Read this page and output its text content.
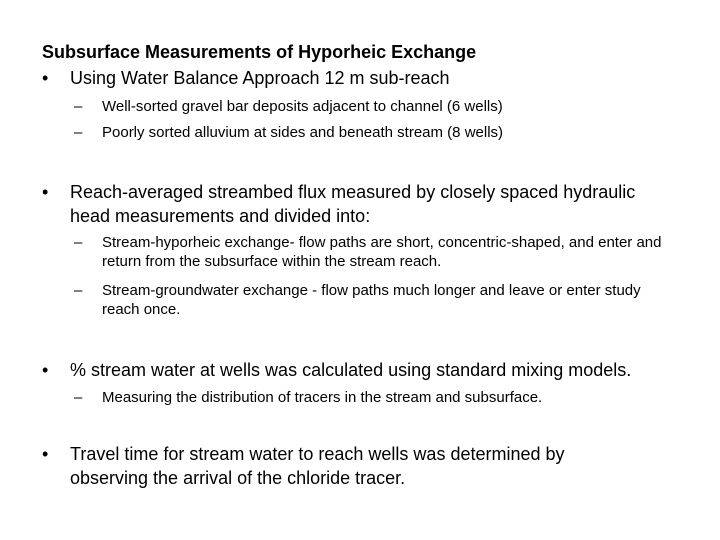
Subsurface Measurements of Hyporheic Exchange
• Using Water Balance Approach 12 m sub-reach
– Well-sorted gravel bar deposits adjacent to channel (6 wells)
– Poorly sorted alluvium at sides and beneath stream (8 wells)
• Reach-averaged streambed flux measured by closely spaced hydraulic head measurements and divided into:
– Stream-hyporheic exchange- flow paths are short, concentric-shaped, and enter and return from the subsurface within the stream reach.
– Stream-groundwater exchange - flow paths much longer and leave or enter study reach once.
• % stream water at wells was calculated using standard mixing models.
– Measuring the distribution of tracers in the stream and subsurface.
• Travel time for stream water to reach wells was determined by observing the arrival of the chloride tracer.
